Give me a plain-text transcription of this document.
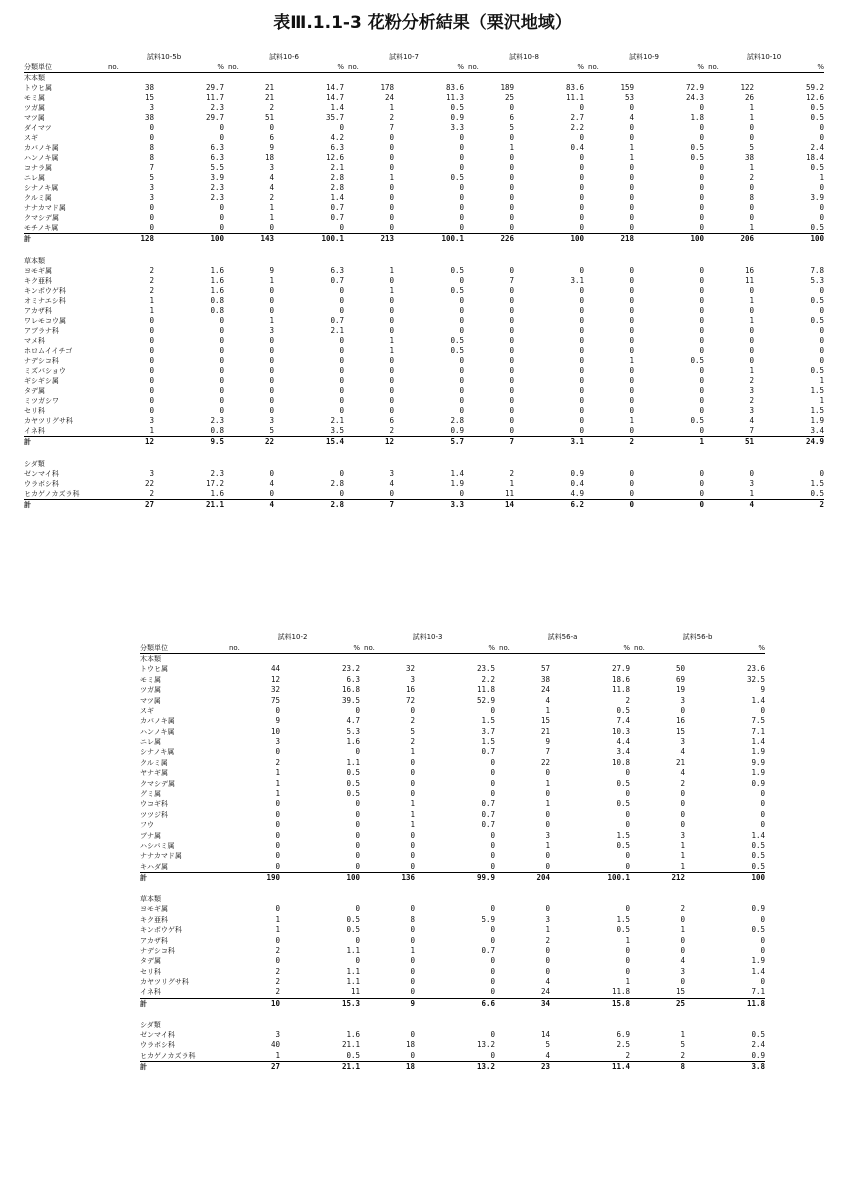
表Ⅲ.1.1-3 花粉分析結果（栗沢地域）
	試料10-5b		試料10-6		試料10-7		試料10-8		試料10-9		試料10-10	
分類単位	no.	%	no.	%	no.	%	no.	%	no.	%	no.	%
木本類												
トウヒ属	38	29.7	21	14.7	178	83.6	189	83.6	159	72.9	122	59.2
モミ属	15	11.7	21	14.7	24	11.3	25	11.1	53	24.3	26	12.6
ツガ属	3	2.3	2	1.4	1	0.5	0	0	0	0	1	0.5
マツ属	38	29.7	51	35.7	2	0.9	6	2.7	4	1.8	1	0.5
ダイマツ	0	0	0	0	7	3.3	5	2.2	0	0	0	0
スギ	0	0	6	4.2	0	0	0	0	0	0	0	0
カバノキ属	8	6.3	9	6.3	0	0	1	0.4	1	0.5	5	2.4
ハンノキ属	8	6.3	18	12.6	0	0	0	0	1	0.5	38	18.4
コナラ属	7	5.5	3	2.1	0	0	0	0	0	0	1	0.5
ニレ属	5	3.9	4	2.8	1	0.5	0	0	0	0	2	1
シナノキ属	3	2.3	4	2.8	0	0	0	0	0	0	0	0
クルミ属	3	2.3	2	1.4	0	0	0	0	0	0	8	3.9
ナナカマド属	0	0	1	0.7	0	0	0	0	0	0	0	0
クマシデ属	0	0	1	0.7	0	0	0	0	0	0	0	0
モチノキ属	0	0	0	0	0	0	0	0	0	0	1	0.5
計	128	100	143	100.1	213	100.1	226	100	218	100	206	100

草本類												
ヨモギ属	2	1.6	9	6.3	1	0.5	0	0	0	0	16	7.8
キク亜科	2	1.6	1	0.7	0	0	7	3.1	0	0	11	5.3
キンポウゲ科	2	1.6	0	0	1	0.5	0	0	0	0	0	0
オミナエシ科	1	0.8	0	0	0	0	0	0	0	0	1	0.5
アカザ科	1	0.8	0	0	0	0	0	0	0	0	0	0
ワレモコウ属	0	0	1	0.7	0	0	0	0	0	0	1	0.5
アブラナ科	0	0	3	2.1	0	0	0	0	0	0	0	0
マメ科	0	0	0	0	1	0.5	0	0	0	0	0	0
ホロムイイチゴ	0	0	0	0	1	0.5	0	0	0	0	0	0
ナデシコ科	0	0	0	0	0	0	0	0	1	0.5	0	0
ミズバショウ	0	0	0	0	0	0	0	0	0	0	1	0.5
ギシギシ属	0	0	0	0	0	0	0	0	0	0	2	1
タデ属	0	0	0	0	0	0	0	0	0	0	3	1.5
ミツガシワ	0	0	0	0	0	0	0	0	0	0	2	1
セリ科	0	0	0	0	0	0	0	0	0	0	3	1.5
カヤツリグサ科	3	2.3	3	2.1	6	2.8	0	0	1	0.5	4	1.9
イネ科	1	0.8	5	3.5	2	0.9	0	0	0	0	7	3.4
計	12	9.5	22	15.4	12	5.7	7	3.1	2	1	51	24.9

シダ類												
ゼンマイ科	3	2.3	0	0	3	1.4	2	0.9	0	0	0	0
ウラボシ科	22	17.2	4	2.8	4	1.9	1	0.4	0	0	3	1.5
ヒカゲノカズラ科	2	1.6	0	0	0	0	11	4.9	0	0	1	0.5
計	27	21.1	4	2.8	7	3.3	14	6.2	0	0	4	2
	試料10-2		試料10-3		試料56-a		試料56-b	
分類単位	no.	%	no.	%	no.	%	no.	%
木本類								
トウヒ属	44	23.2	32	23.5	57	27.9	50	23.6
モミ属	12	6.3	3	2.2	38	18.6	69	32.5
ツガ属	32	16.8	16	11.8	24	11.8	19	9
マツ属	75	39.5	72	52.9	4	2	3	1.4
スギ	0	0	0	0	1	0.5	0	0
カバノキ属	9	4.7	2	1.5	15	7.4	16	7.5
ハンノキ属	10	5.3	5	3.7	21	10.3	15	7.1
ニレ属	3	1.6	2	1.5	9	4.4	3	1.4
シナノキ属	0	0	1	0.7	7	3.4	4	1.9
クルミ属	2	1.1	0	0	22	10.8	21	9.9
ヤナギ属	1	0.5	0	0	0	0	4	1.9
クマシデ属	1	0.5	0	0	1	0.5	2	0.9
グミ属	1	0.5	0	0	0	0	0	0
ウコギ科	0	0	1	0.7	1	0.5	0	0
ツツジ科	0	0	1	0.7	0	0	0	0
フウ	0	0	1	0.7	0	0	0	0
ブナ属	0	0	0	0	3	1.5	3	1.4
ハシバミ属	0	0	0	0	1	0.5	1	0.5
ナナカマド属	0	0	0	0	0	0	1	0.5
キハダ属	0	0	0	0	0	0	1	0.5
計	190	100	136	99.9	204	100.1	212	100

草本類								
ヨモギ属	0	0	0	0	0	0	2	0.9
キク亜科	1	0.5	8	5.9	3	1.5	0	0
キンポウゲ科	1	0.5	0	0	1	0.5	1	0.5
アカザ科	0	0	0	0	2	1	0	0
ナデシコ科	2	1.1	1	0.7	0	0	0	0
タデ属	0	0	0	0	0	0	4	1.9
セリ科	2	1.1	0	0	0	0	3	1.4
カヤツリグサ科	2	1.1	0	0	4	1	0	0
イネ科	2	11	0	0	24	11.8	15	7.1
計	10	15.3	9	6.6	34	15.8	25	11.8

シダ類								
ゼンマイ科	3	1.6	0	0	14	6.9	1	0.5
ウラボシ科	40	21.1	18	13.2	5	2.5	5	2.4
ヒカゲノカズラ科	1	0.5	0	0	4	2	2	0.9
計	27	21.1	18	13.2	23	11.4	8	3.8
